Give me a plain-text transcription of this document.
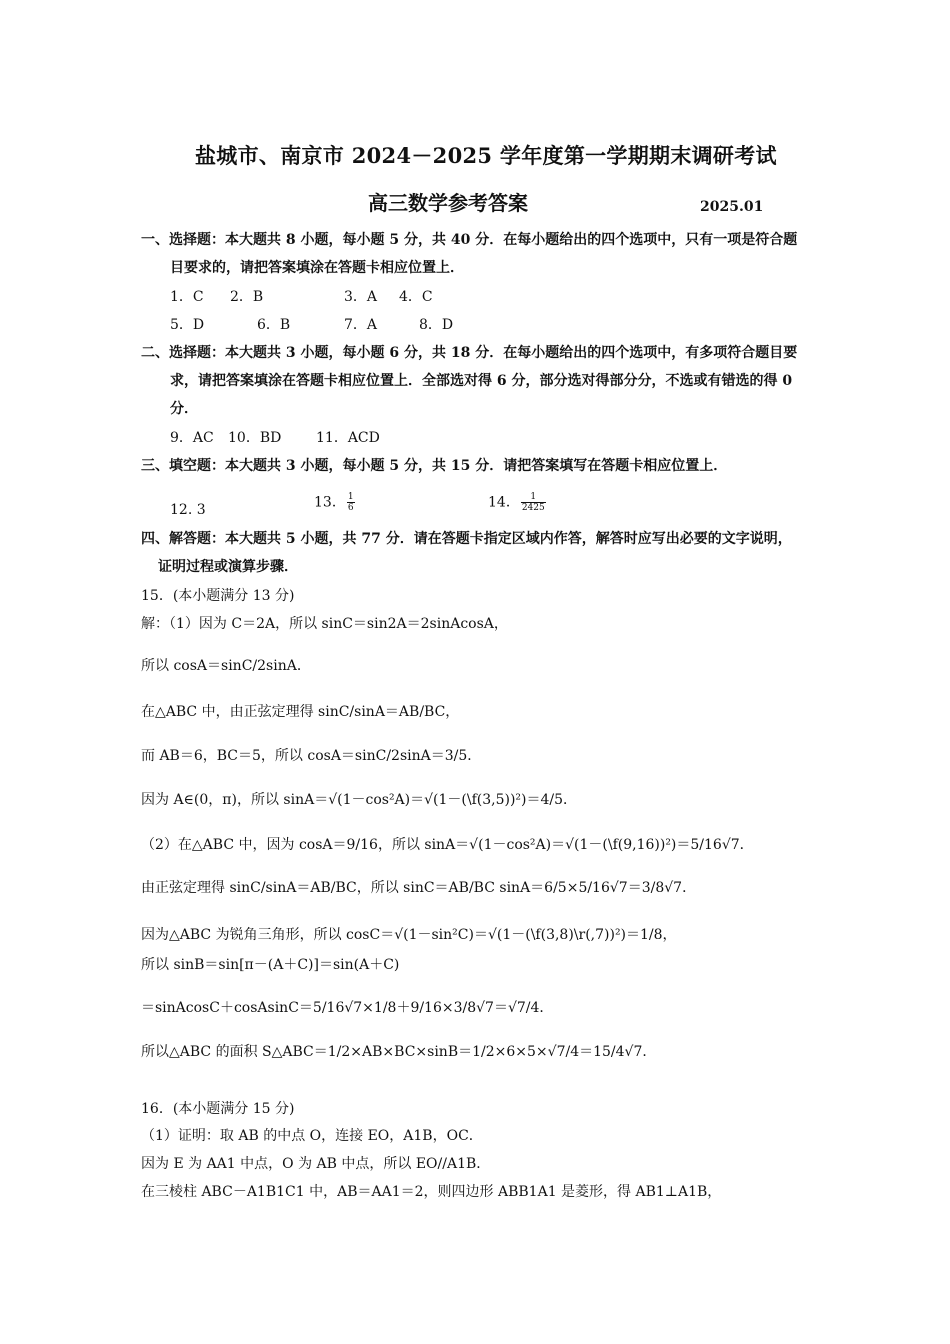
盐城市、南京市 2024－2025 学年度第一学期期末调研考试
高三数学参考答案	2025.01
一、选择题：本大题共 8 小题，每小题 5 分，共 40 分．在每小题给出的四个选项中，只有一项是符合题
目要求的，请把答案填涂在答题卡相应位置上．
1．C 2．B	3．A 4．C
5．D	6．B	7．A	8．D
二、选择题：本大题共 3 小题，每小题 6 分，共 18 分．在每小题给出的四个选项中，有多项符合题目要
求，请把答案填涂在答题卡相应位置上．全部选对得 6 分，部分选对得部分分，不选或有错选的得 0
分．
9．AC 10．BD 11．ACD
三、填空题：本大题共 3 小题，每小题 5 分，共 15 分．请把答案填写在答题卡相应位置上．
12. 3	13． $\frac{1}{6}$	14． $\frac{1}{2425}$
四、解答题：本大题共 5 小题，共 77 分．请在答题卡指定区域内作答，解答时应写出必要的文字说明，
证明过程或演算步骤．
15．(本小题满分 13 分)
解：（1）因为 C＝2A，所以 sinC＝sin2A＝2sinAcosA，
所以 cosA＝sinC/2sinA．
在△ABC 中，由正弦定理得 sinC/sinA＝AB/BC，
而 AB＝6，BC＝5，所以 cosA＝sinC/2sinA＝3/5．
因为 A∈(0，π)，所以 sinA＝√(1－cos²A)＝√(1－(\f(3,5))²)＝4/5．
（2）在△ABC 中，因为 cosA＝9/16，所以 sinA＝√(1－cos²A)＝√(1－(\f(9,16))²)＝5/16√7．
由正弦定理得 sinC/sinA＝AB/BC，所以 sinC＝AB/BC sinA＝6/5×5/16√7＝3/8√7．
因为△ABC 为锐角三角形，所以 cosC＝√(1－sin²C)＝√(1－(\f(3,8)\r(,7))²)＝1/8，
所以 sinB＝sin[π－(A＋C)]＝sin(A＋C)
＝sinAcosC＋cosAsinC＝5/16√7×1/8＋9/16×3/8√7＝√7/4．
所以△ABC 的面积 S△ABC＝1/2×AB×BC×sinB＝1/2×6×5×√7/4＝15/4√7．
16．(本小题满分 15 分)
（1）证明：取 AB 的中点 O，连接 EO，A1B，OC．
因为 E 为 AA1 中点，O 为 AB 中点，所以 EO//A1B．
在三棱柱 ABC－A1B1C1 中，AB＝AA1＝2，则四边形 ABB1A1 是菱形，得 AB1⊥A1B，
